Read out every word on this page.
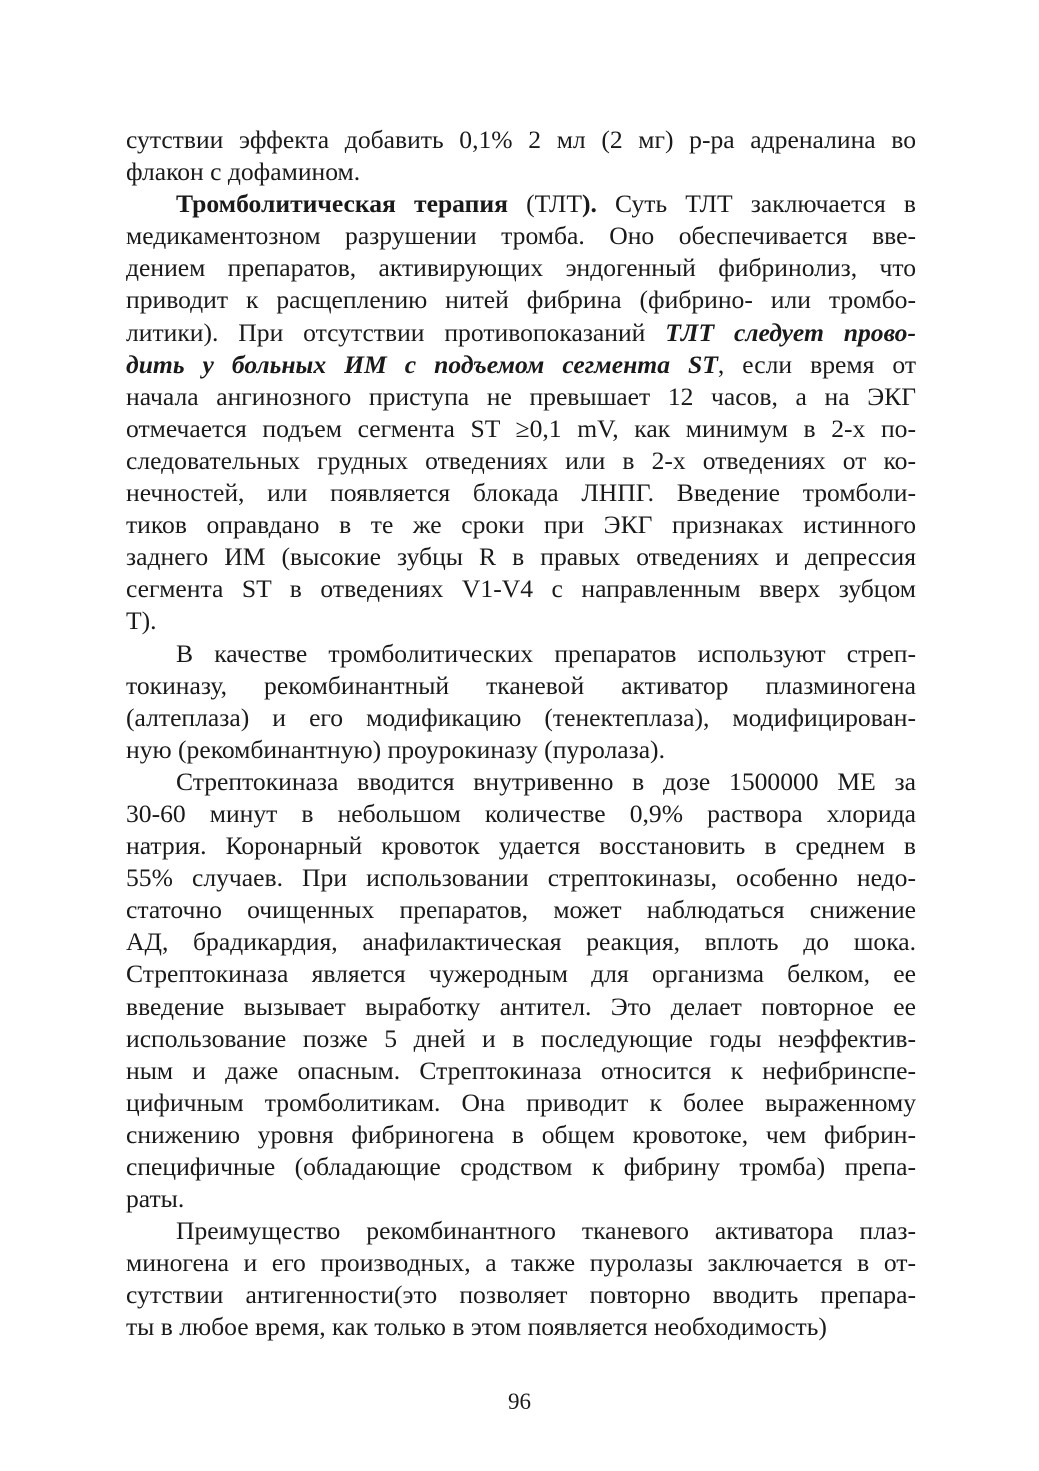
сутствии эффекта добавить 0,1% 2 мл (2 мг) р-ра адреналина во
флакон с дофамином.

Тромболитическая терапия (ТЛТ). Суть ТЛТ заключается в
медикаментозном разрушении тромба. Оно обеспечивается вве-
дением препаратов, активирующих эндогенный фибринолиз, что
приводит к расщеплению нитей фибрина (фибрино- или тромбо-
литики). При отсутствии противопоказаний ТЛТ следует прово-
дить у больных ИМ с подъемом сегмента ST, если время от
начала ангинозного приступа не превышает 12 часов, а на ЭКГ
отмечается подъем сегмента ST ≥0,1 mV, как минимум в 2-х по-
следовательных грудных отведениях или в 2-х отведениях от ко-
нечностей, или появляется блокада ЛНПГ. Введение тромболи-
тиков оправдано в те же сроки при ЭКГ признаках истинного
заднего ИМ (высокие зубцы R в правых отведениях и депрессия
сегмента ST в отведениях V1-V4 с направленным вверх зубцом
Т).

В качестве тромболитических препаратов используют стреп-
токиназу, рекомбинантный тканевой активатор плазминогена
(алтеплаза) и его модификацию (тенектеплаза), модифицирован-
ную (рекомбинантную) проурокиназу (пуролаза).

Стрептокиназа вводится внутривенно в дозе 1500000 МЕ за
30-60 минут в небольшом количестве 0,9% раствора хлорида
натрия. Коронарный кровоток удается восстановить в среднем в
55% случаев. При использовании стрептокиназы, особенно недо-
статочно очищенных препаратов, может наблюдаться снижение
АД, брадикардия, анафилактическая реакция, вплоть до шока.
Стрептокиназа является чужеродным для организма белком, ее
введение вызывает выработку антител. Это делает повторное ее
использование позже 5 дней и в последующие годы неэффектив-
ным и даже опасным. Стрептокиназа относится к нефибринспе-
цифичным тромболитикам. Она приводит к более выраженному
снижению уровня фибриногена в общем кровотоке, чем фибрин-
специфичные (обладающие сродством к фибрину тромба) препа-
раты.

Преимущество рекомбинантного тканевого активатора плаз-
миногена и его производных, а также пуролазы заключается в от-
сутствии антигенности(это позволяет повторно вводить препара-
ты в любое время, как только в этом появляется необходимость)

96
